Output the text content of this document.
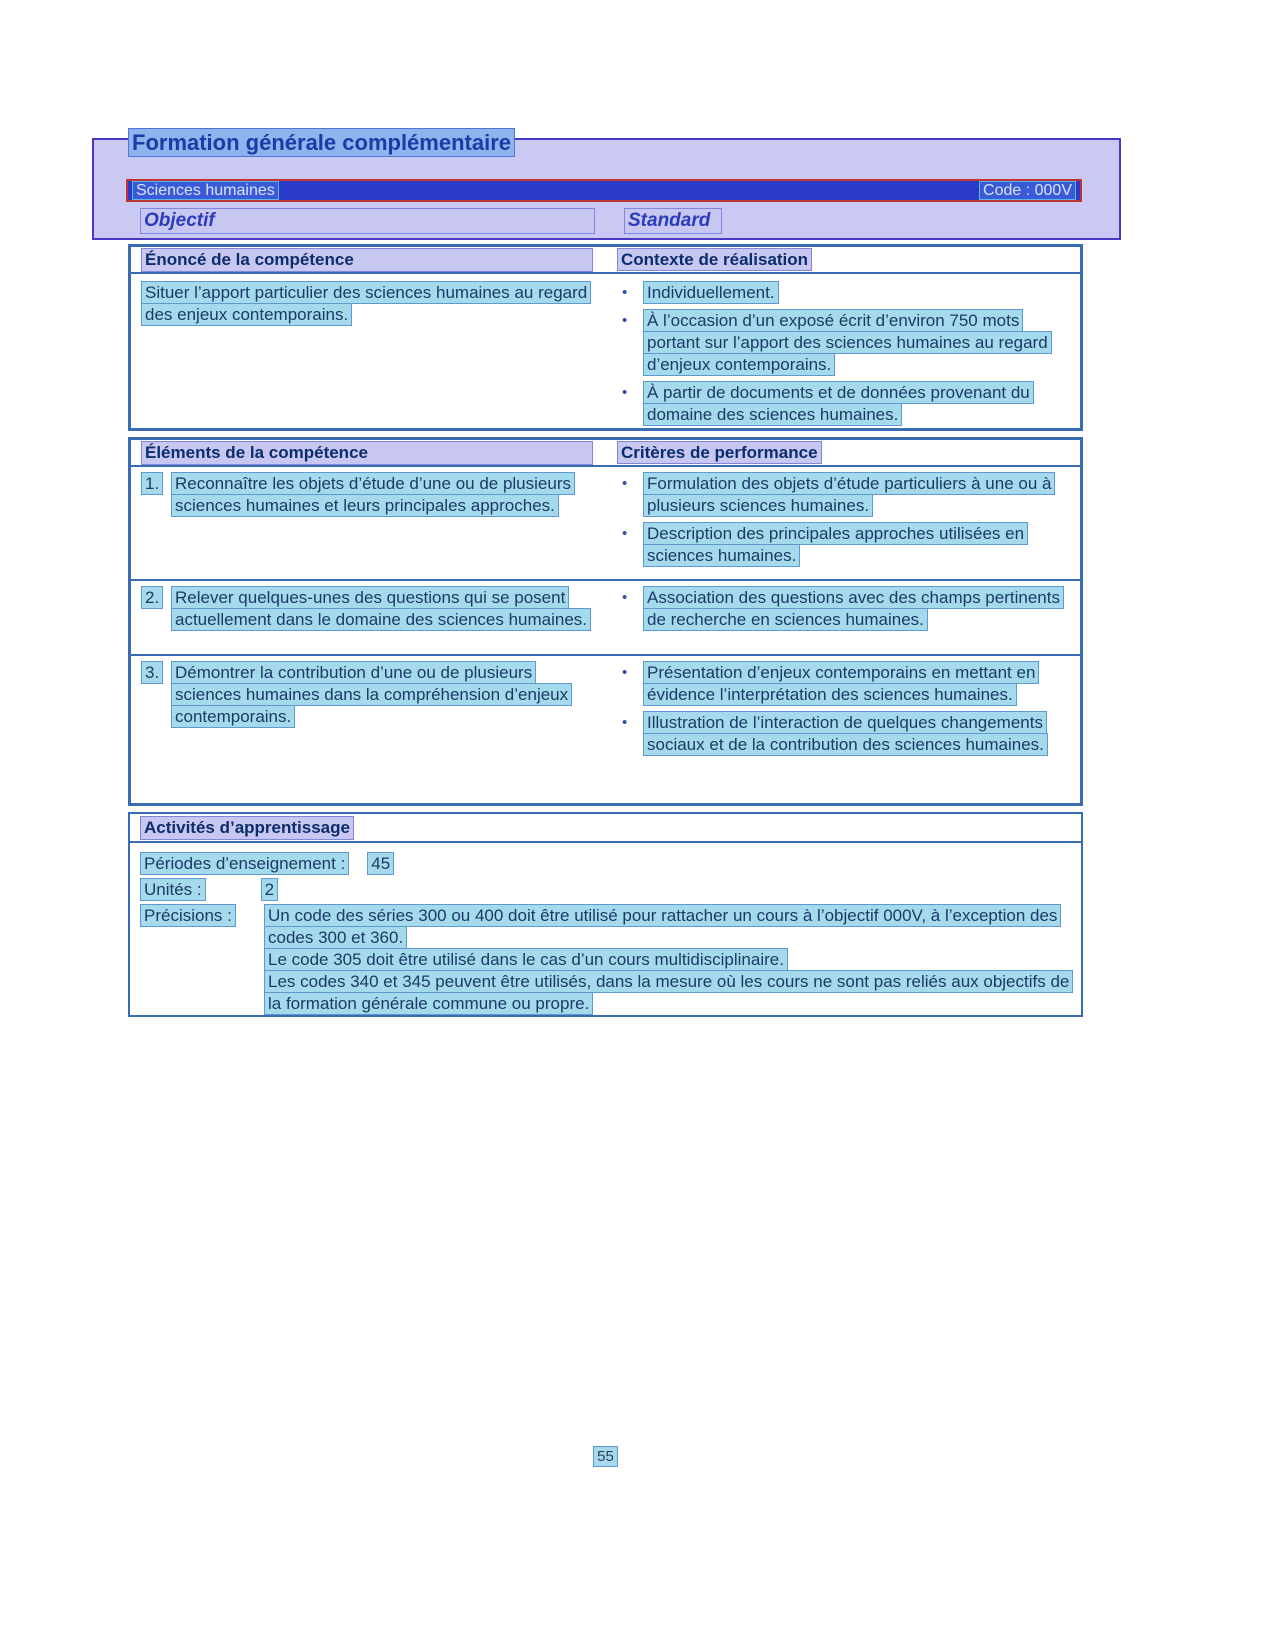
Formation générale complémentaire
Sciences humaines	Code : 000V
Objectif	Standard
Énoncé de la compétence	Contexte de réalisation
Situer l’apport particulier des sciences humaines au regard des enjeux contemporains.
•	Individuellement.
•	À l’occasion d’un exposé écrit d’environ 750 mots portant sur l’apport des sciences humaines au regard d’enjeux contemporains.
•	À partir de documents et de données provenant du domaine des sciences humaines.
Éléments de la compétence	Critères de performance
1. Reconnaître les objets d’étude d’une ou de plusieurs sciences humaines et leurs principales approches.
•	Formulation des objets d’étude particuliers à une ou à plusieurs sciences humaines.
•	Description des principales approches utilisées en sciences humaines.
2. Relever quelques-unes des questions qui se posent actuellement dans le domaine des sciences humaines.
•	Association des questions avec des champs pertinents de recherche en sciences humaines.
3. Démontrer la contribution d’une ou de plusieurs sciences humaines dans la compréhension d’enjeux contemporains.
•	Présentation d’enjeux contemporains en mettant en évidence l’interprétation des sciences humaines.
•	Illustration de l’interaction de quelques changements sociaux et de la contribution des sciences humaines.
Activités d’apprentissage
Périodes d’enseignement : 45
Unités :	2
Précisions :	Un code des séries 300 ou 400 doit être utilisé pour rattacher un cours à l’objectif 000V, à l’exception des codes 300 et 360.

Le code 305 doit être utilisé dans le cas d’un cours multidisciplinaire.

Les codes 340 et 345 peuvent être utilisés, dans la mesure où les cours ne sont pas reliés aux objectifs de la formation générale commune ou propre.

55
